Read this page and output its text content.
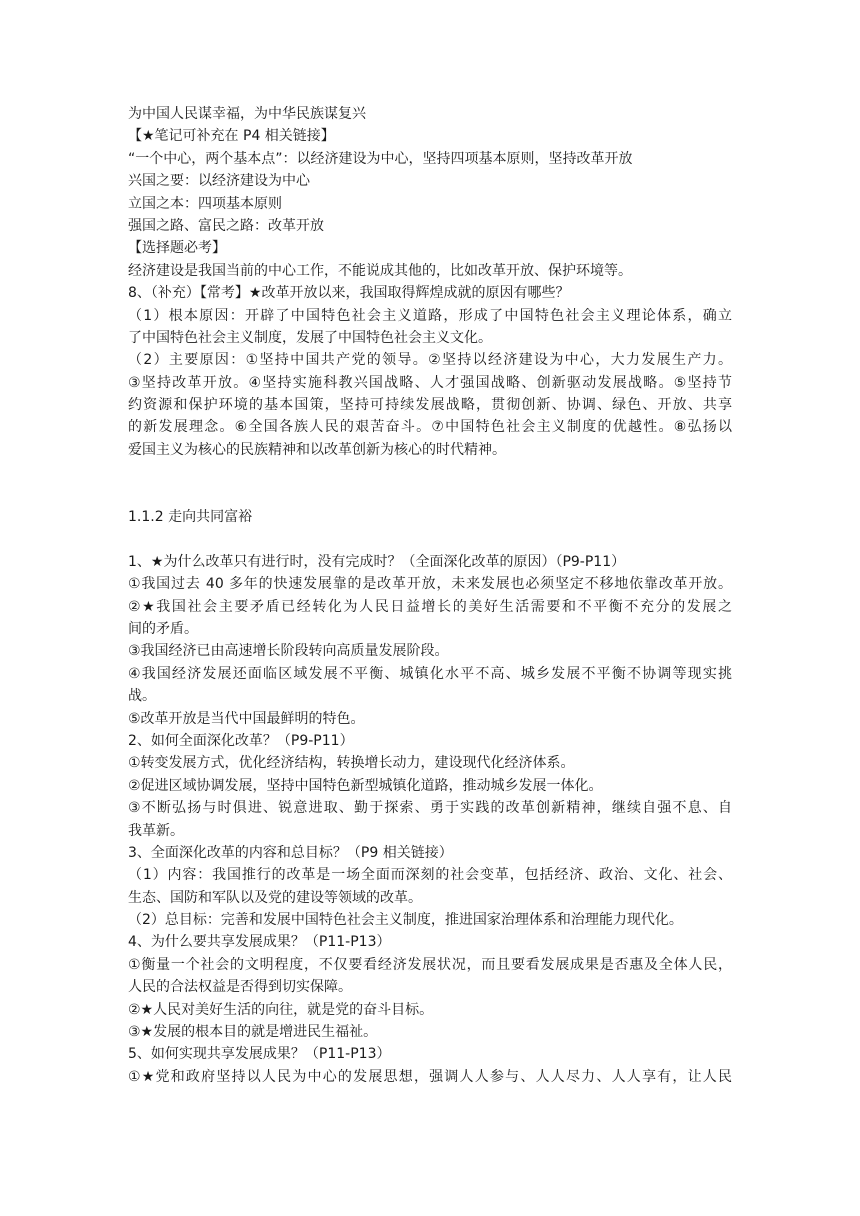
为中国人民谋幸福，为中华民族谋复兴

【★笔记可补充在 P4 相关链接】

“一个中心，两个基本点”：以经济建设为中心，坚持四项基本原则，坚持改革开放

兴国之要：以经济建设为中心

立国之本：四项基本原则

强国之路、富民之路：改革开放

【选择题必考】

经济建设是我国当前的中心工作，不能说成其他的，比如改革开放、保护环境等。

8、（补充）【常考】★改革开放以来，我国取得辉煌成就的原因有哪些？

（1）根本原因：开辟了中国特色社会主义道路，形成了中国特色社会主义理论体系，确立

了中国特色社会主义制度，发展了中国特色社会主义文化。

（2）主要原因：①坚持中国共产党的领导。②坚持以经济建设为中心，大力发展生产力。

③坚持改革开放。④坚持实施科教兴国战略、人才强国战略、创新驱动发展战略。⑤坚持节

约资源和保护环境的基本国策，坚持可持续发展战略，贯彻创新、协调、绿色、开放、共享

的新发展理念。⑥全国各族人民的艰苦奋斗。⑦中国特色社会主义制度的优越性。⑧弘扬以

爱国主义为核心的民族精神和以改革创新为核心的时代精神。

1.1.2 走向共同富裕

1、★为什么改革只有进行时，没有完成时？（全面深化改革的原因）（P9-P11）

①我国过去 40 多年的快速发展靠的是改革开放，未来发展也必须坚定不移地依靠改革开放。

②★我国社会主要矛盾已经转化为人民日益增长的美好生活需要和不平衡不充分的发展之

间的矛盾。

③我国经济已由高速增长阶段转向高质量发展阶段。

④我国经济发展还面临区域发展不平衡、城镇化水平不高、城乡发展不平衡不协调等现实挑

战。

⑤改革开放是当代中国最鲜明的特色。

2、如何全面深化改革？（P9-P11）

①转变发展方式，优化经济结构，转换增长动力，建设现代化经济体系。

②促进区域协调发展，坚持中国特色新型城镇化道路，推动城乡发展一体化。

③不断弘扬与时俱进、锐意进取、勤于探索、勇于实践的改革创新精神，继续自强不息、自

我革新。

3、全面深化改革的内容和总目标？（P9 相关链接）

（1）内容：我国推行的改革是一场全面而深刻的社会变革，包括经济、政治、文化、社会、

生态、国防和军队以及党的建设等领域的改革。

（2）总目标：完善和发展中国特色社会主义制度，推进国家治理体系和治理能力现代化。

4、为什么要共享发展成果？（P11-P13）

①衡量一个社会的文明程度，不仅要看经济发展状况，而且要看发展成果是否惠及全体人民，

人民的合法权益是否得到切实保障。

②★人民对美好生活的向往，就是党的奋斗目标。

③★发展的根本目的就是增进民生福祉。

5、如何实现共享发展成果？（P11-P13）

①★党和政府坚持以人民为中心的发展思想，强调人人参与、人人尽力、人人享有，让人民
